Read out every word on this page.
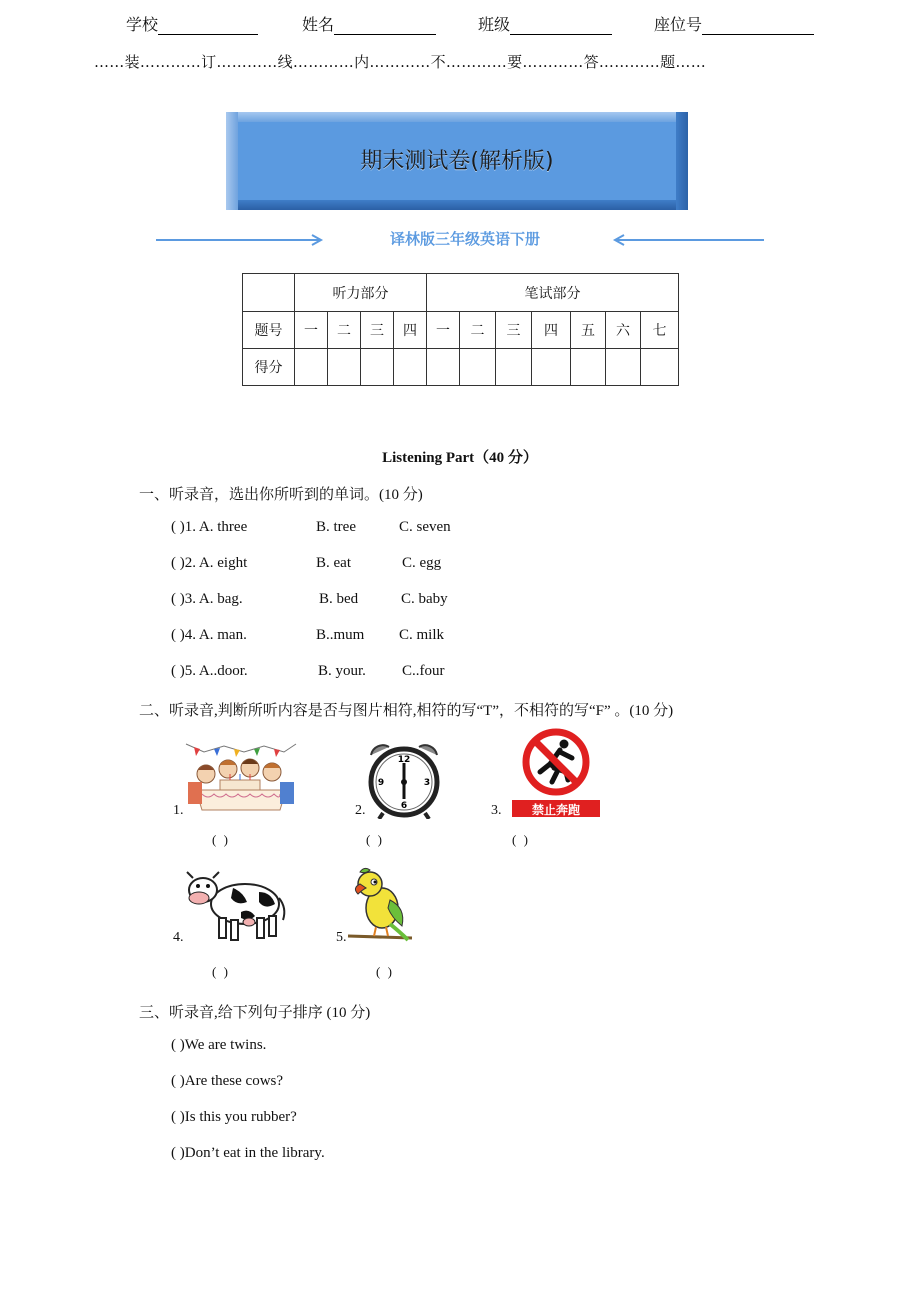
学校	姓名	班级	座位号
……装…………订…………线…………内…………不…………要…………答…………题……
期末测试卷(解析版)
译林版三年级英语下册
	听力部分				笔试部分						
题号	一	二	三	四	一	二	三	四	五	六	七
得分											
Listening Part（40 分）
一、听录音，选出你所听到的单词。(10 分)
( )1. A. three	B. tree	C. seven
( )2. A. eight	B. eat	C. egg
( )3. A. bag.	B. bed	C. baby
( )4. A. man.	B..mum C. milk
( )5. A..door.	B. your. C..four
二、听录音,判断所听内容是否与图片相符,相符的写“T”，不相符的写“F” 。(10 分)
1.
( )
2.
12
3
6
9
( )
3.	禁止奔跑
( )
4.
( )
5.
( )
三、听录音,给下列句子排序 (10 分)
( )We are twins.
( )Are these cows?
( )Is this you rubber?
( )Don’t eat in the library.
